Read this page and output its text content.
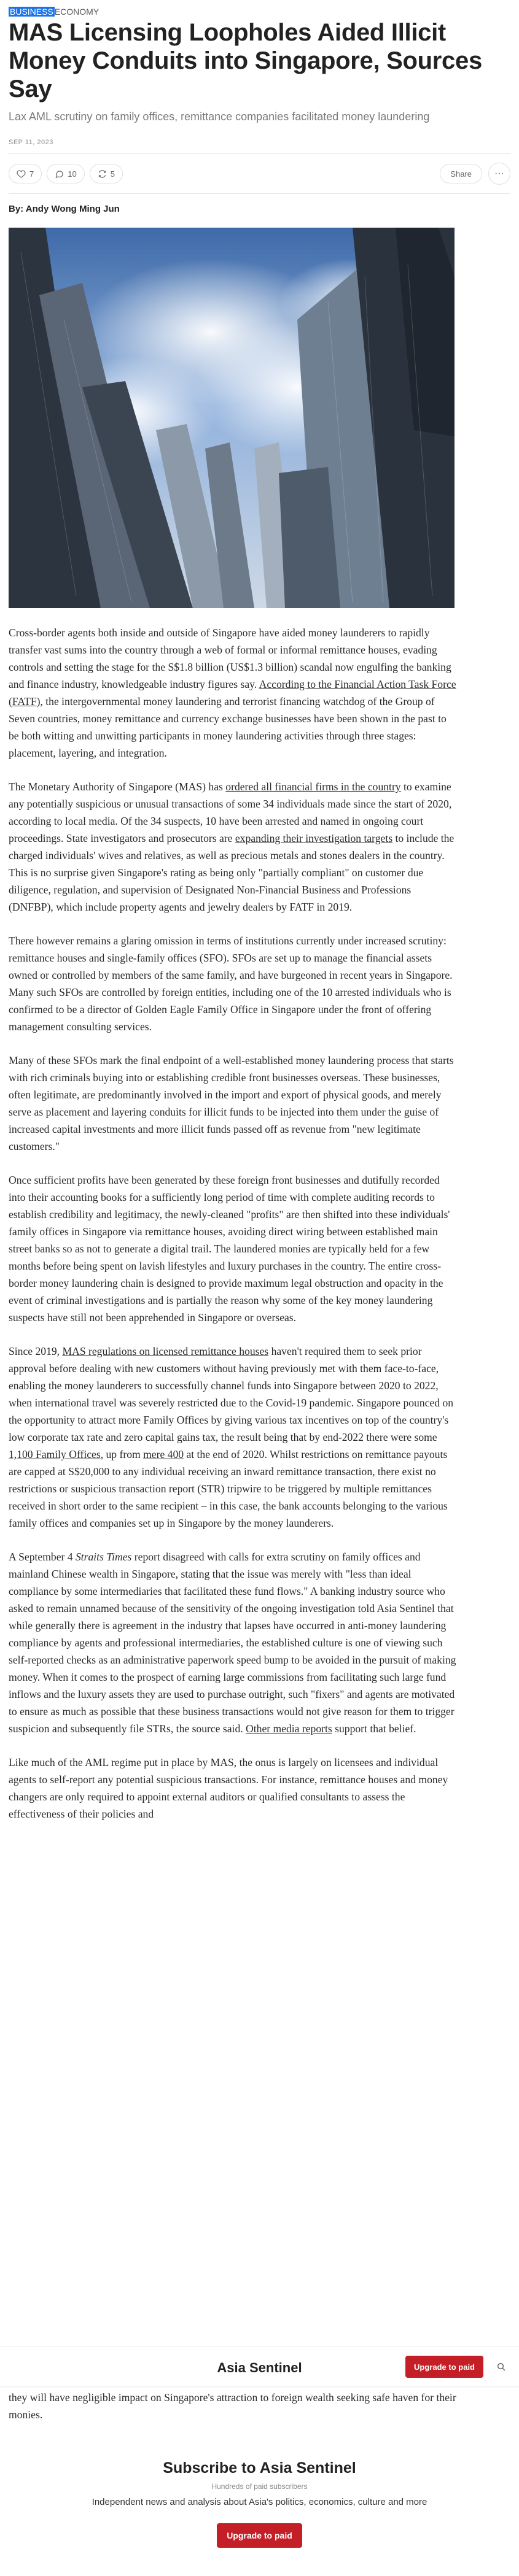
BUSINESS ECONOMY
MAS Licensing Loopholes Aided Illicit Money Conduits into Singapore, Sources Say
Lax AML scrutiny on family offices, remittance companies facilitated money laundering
SEP 11, 2023
7	10	5	Share	···
By: Andy Wong Ming Jun

Cross-border agents both inside and outside of Singapore have aided money launderers to rapidly transfer vast sums into the country through a web of formal or informal remittance houses, evading controls and setting the stage for the S$1.8 billion (US$1.3 billion) scandal now engulfing the banking and finance industry, knowledgeable industry figures say. According to the Financial Action Task Force (FATF), the intergovernmental money laundering and terrorist financing watchdog of the Group of Seven countries, money remittance and currency exchange businesses have been shown in the past to be both witting and unwitting participants in money laundering activities through three stages: placement, layering, and integration.

The Monetary Authority of Singapore (MAS) has ordered all financial firms in the country to examine any potentially suspicious or unusual transactions of some 34 individuals made since the start of 2020, according to local media. Of the 34 suspects, 10 have been arrested and named in ongoing court proceedings. State investigators and prosecutors are expanding their investigation targets to include the charged individuals' wives and relatives, as well as precious metals and stones dealers in the country. This is no surprise given Singapore's rating as being only "partially compliant" on customer due diligence, regulation, and supervision of Designated Non-Financial Business and Professions (DNFBP), which include property agents and jewelry dealers by FATF in 2019.

There however remains a glaring omission in terms of institutions currently under increased scrutiny: remittance houses and single-family offices (SFO). SFOs are set up to manage the financial assets owned or controlled by members of the same family, and have burgeoned in recent years in Singapore. Many such SFOs are controlled by foreign entities, including one of the 10 arrested individuals who is confirmed to be a director of Golden Eagle Family Office in Singapore under the front of offering management consulting services.

Many of these SFOs mark the final endpoint of a well-established money laundering process that starts with rich criminals buying into or establishing credible front businesses overseas. These businesses, often legitimate, are predominantly involved in the import and export of physical goods, and merely serve as placement and layering conduits for illicit funds to be injected into them under the guise of increased capital investments and more illicit funds passed off as revenue from "new legitimate customers."

Once sufficient profits have been generated by these foreign front businesses and dutifully recorded into their accounting books for a sufficiently long period of time with complete auditing records to establish credibility and legitimacy, the newly-cleaned "profits" are then shifted into these individuals' family offices in Singapore via remittance houses, avoiding direct wiring between established main street banks so as not to generate a digital trail. The laundered monies are typically held for a few months before being spent on lavish lifestyles and luxury purchases in the country. The entire cross-border money laundering chain is designed to provide maximum legal obstruction and opacity in the event of criminal investigations and is partially the reason why some of the key money laundering suspects have still not been apprehended in Singapore or overseas.

Since 2019, MAS regulations on licensed remittance houses haven't required them to seek prior approval before dealing with new customers without having previously met with them face-to-face, enabling the money launderers to successfully channel funds into Singapore between 2020 to 2022, when international travel was severely restricted due to the Covid-19 pandemic. Singapore pounced on the opportunity to attract more Family Offices by giving various tax incentives on top of the country's low corporate tax rate and zero capital gains tax, the result being that by end-2022 there were some 1,100 Family Offices, up from mere 400 at the end of 2020. Whilst restrictions on remittance payouts are capped at S$20,000 to any individual receiving an inward remittance transaction, there exist no restrictions or suspicious transaction report (STR) tripwire to be triggered by multiple remittances received in short order to the same recipient – in this case, the bank accounts belonging to the various family offices and companies set up in Singapore by the money launderers.

A September 4 Straits Times report disagreed with calls for extra scrutiny on family offices and mainland Chinese wealth in Singapore, stating that the issue was merely with "less than ideal compliance by some intermediaries that facilitated these fund flows." A banking industry source who asked to remain unnamed because of the sensitivity of the ongoing investigation told Asia Sentinel that while generally there is agreement in the industry that lapses have occurred in anti-money laundering compliance by agents and professional intermediaries, the established culture is one of viewing such self-reported checks as an administrative paperwork speed bump to be avoided in the pursuit of making money. When it comes to the prospect of earning large commissions from facilitating such large fund inflows and the luxury assets they are used to purchase outright, such "fixers" and agents are motivated to ensure as much as possible that these business transactions would not give reason for them to trigger suspicion and subsequently file STRs, the source said. Other media reports support that belief.

Like much of the AML regime put in place by MAS, the onus is largely on licensees and individual agents to self-report any potential suspicious transactions. For instance, remittance houses and money changers are only required to appoint external auditors or qualified consultants to assess the effectiveness of their policies and

Asia Sentinel	Upgrade to paid
they will have negligible impact on Singapore's attraction to foreign wealth seeking safe haven for their monies.
Subscribe to Asia Sentinel
Hundreds of paid subscribers
Independent news and analysis about Asia's politics, economics, culture and more
Upgrade to paid
